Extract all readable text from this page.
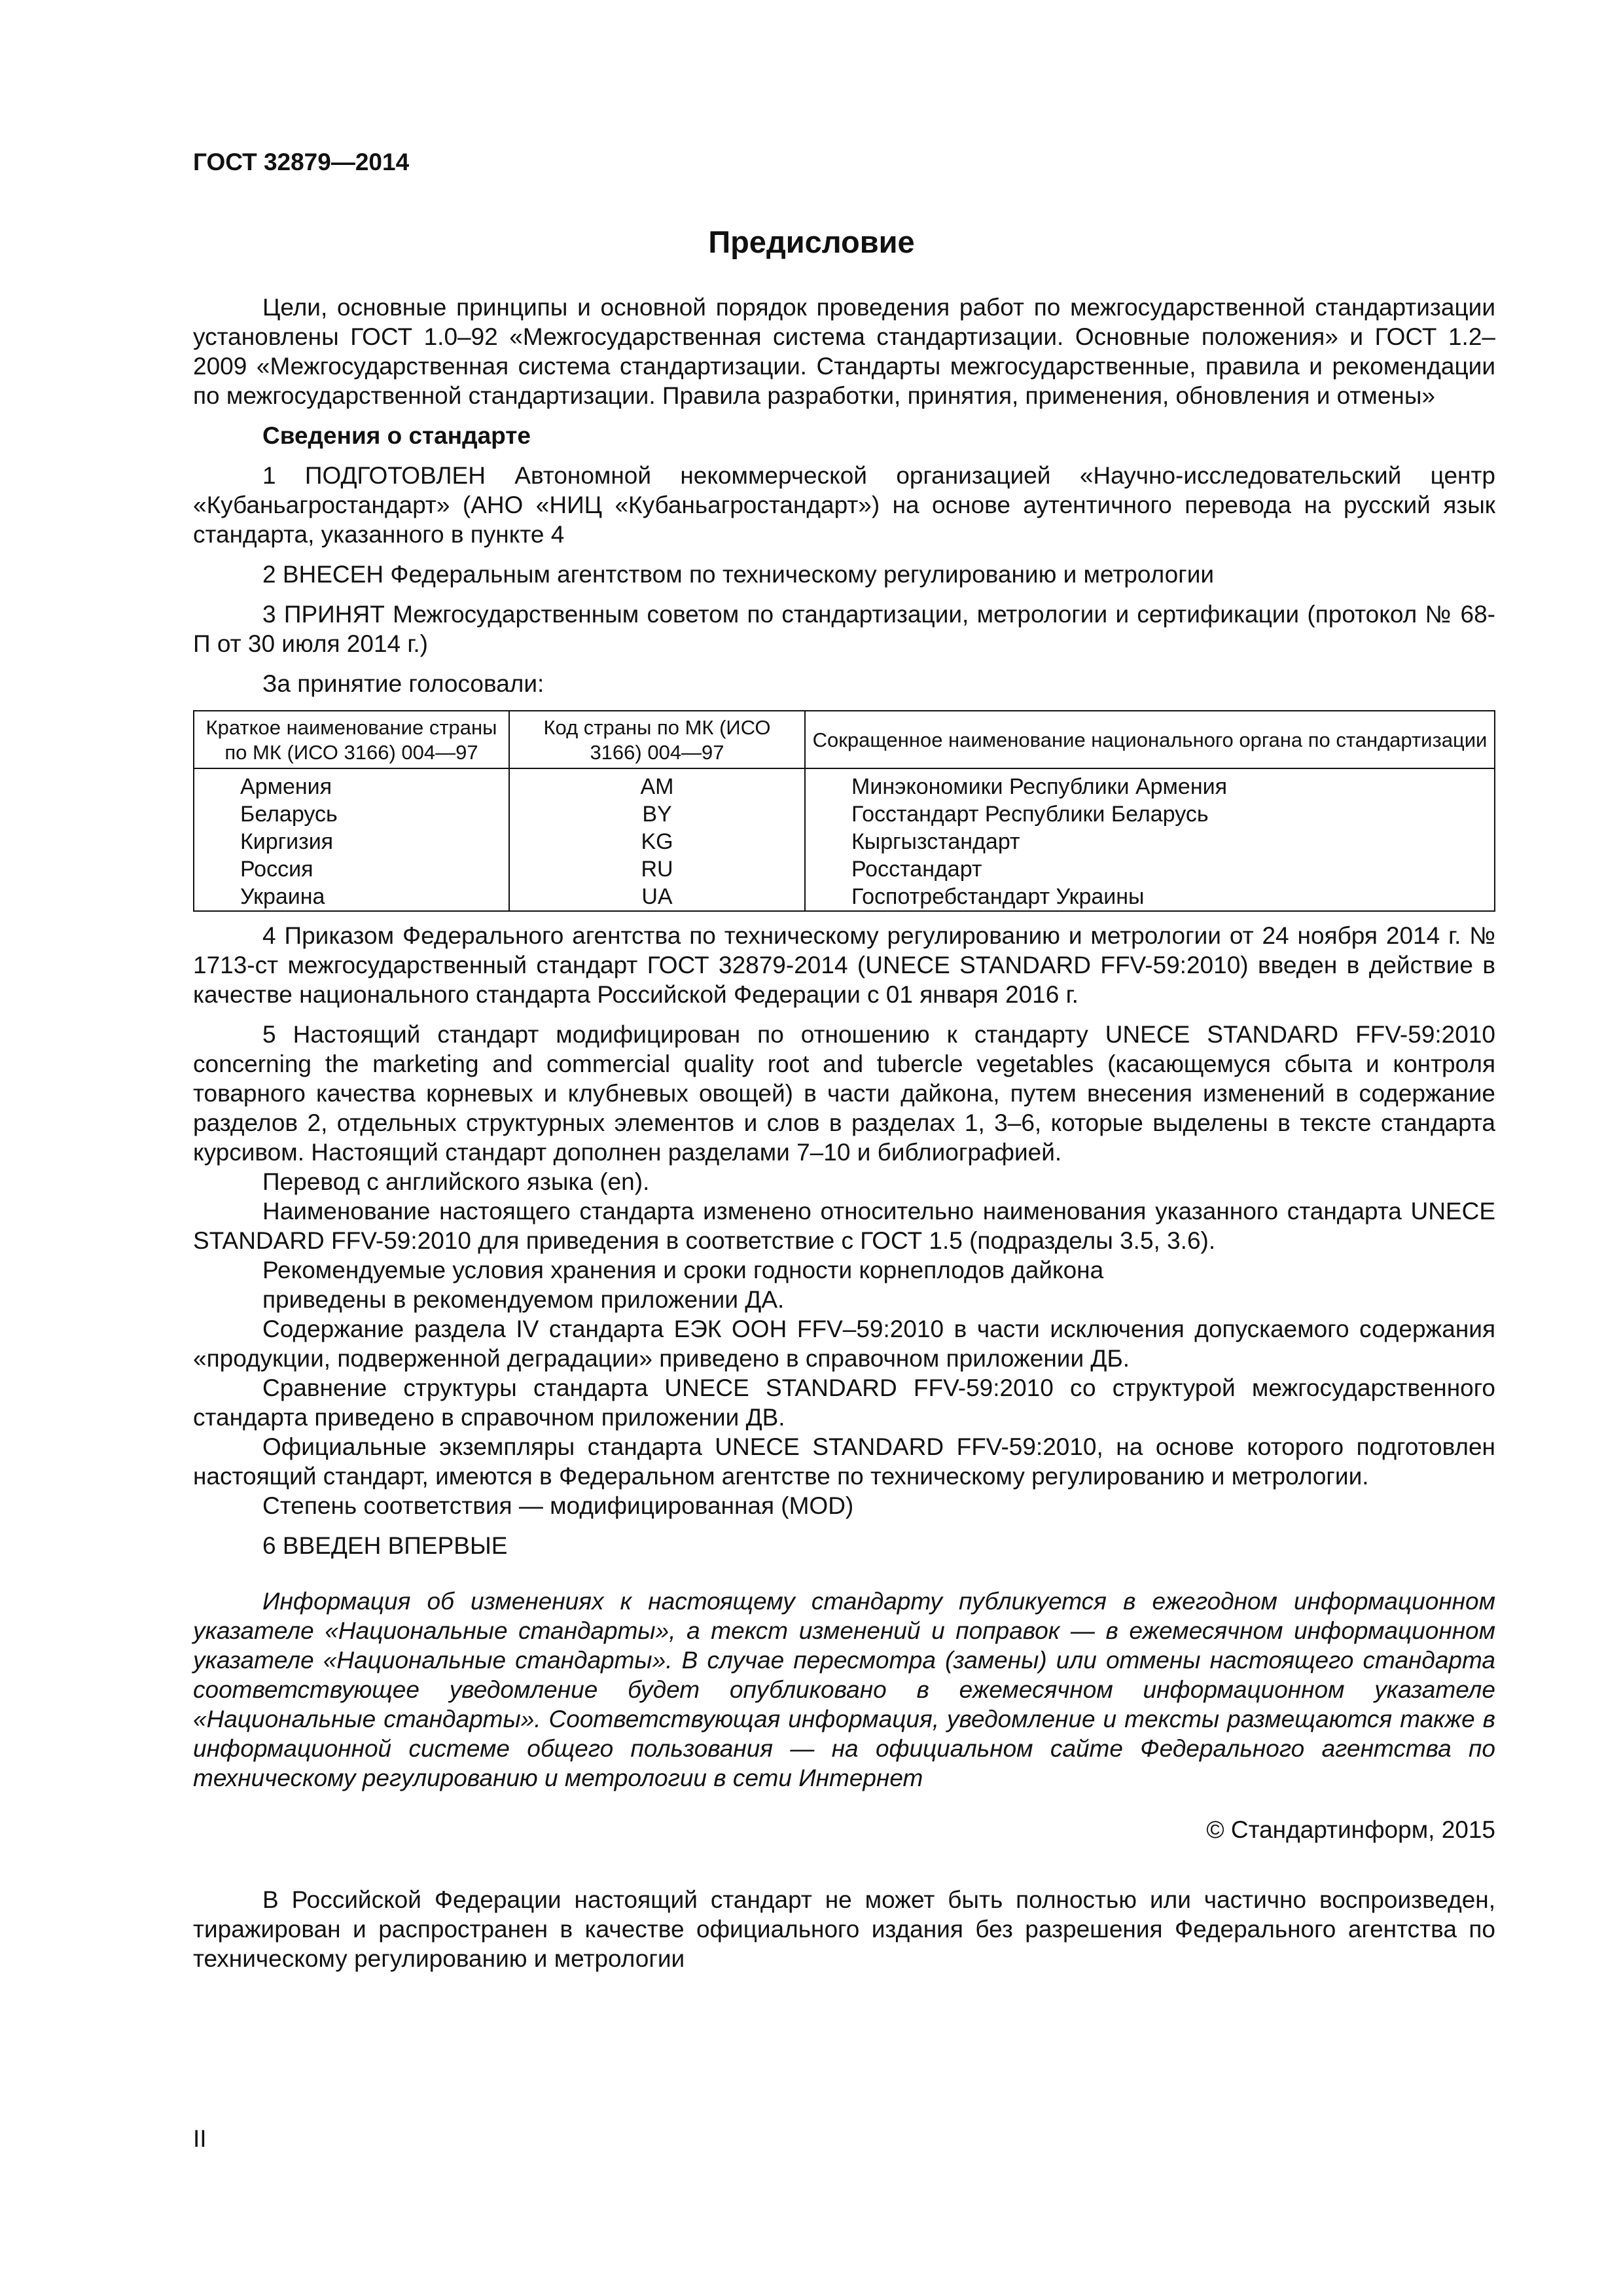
ГОСТ 32879—2014
Предисловие

Цели, основные принципы и основной порядок проведения работ по межгосударственной стандартизации установлены ГОСТ 1.0–92 «Межгосударственная система стандартизации. Основные положения» и ГОСТ 1.2–2009 «Межгосударственная система стандартизации. Стандарты межгосударственные, правила и рекомендации по межгосударственной стандартизации. Правила разработки, принятия, применения, обновления и отмены»

Сведения о стандарте

1 ПОДГОТОВЛЕН Автономной некоммерческой организацией «Научно-исследовательский центр «Кубаньагростандарт» (АНО «НИЦ «Кубаньагростандарт») на основе аутентичного перевода на русский язык стандарта, указанного в пункте 4

2 ВНЕСЕН Федеральным агентством по техническому регулированию и метрологии

3 ПРИНЯТ Межгосударственным советом по стандартизации, метрологии и сертификации (протокол № 68-П от 30 июля 2014 г.)

За принятие голосовали:

Краткое наименование страны по МК (ИСО 3166) 004—97	Код страны по МК (ИСО 3166) 004—97	Сокращенное наименование национального органа по стандартизации
Армения	AM	Минэкономики Республики Армения
Беларусь	BY	Госстандарт Республики Беларусь
Киргизия	KG	Кыргызстандарт
Россия	RU	Росстандарт
Украина	UA	Госпотребстандарт Украины

4 Приказом Федерального агентства по техническому регулированию и метрологии от 24 ноября 2014 г. № 1713-ст межгосударственный стандарт ГОСТ 32879-2014 (UNECE STANDARD FFV-59:2010) введен в действие в качестве национального стандарта Российской Федерации с 01 января 2016 г.

5 Настоящий стандарт модифицирован по отношению к стандарту UNECE STANDARD FFV-59:2010 concerning the marketing and commercial quality root and tubercle vegetables (касающемуся сбыта и контроля товарного качества корневых и клубневых овощей) в части дайкона, путем внесения изменений в содержание разделов 2, отдельных структурных элементов и слов в разделах 1, 3–6, которые выделены в тексте стандарта курсивом. Настоящий стандарт дополнен разделами 7–10 и библиографией.

Перевод с английского языка (en).

Наименование настоящего стандарта изменено относительно наименования указанного стандарта UNECE STANDARD FFV-59:2010 для приведения в соответствие с ГОСТ 1.5 (подразделы 3.5, 3.6).

Рекомендуемые условия хранения и сроки годности корнеплодов дайкона

приведены в рекомендуемом приложении ДА.

Содержание раздела IV стандарта ЕЭК ООН FFV–59:2010 в части исключения допускаемого содержания «продукции, подверженной деградации» приведено в справочном приложении ДБ.

Сравнение структуры стандарта UNECE STANDARD FFV-59:2010 со структурой межгосударственного стандарта приведено в справочном приложении ДВ.

Официальные экземпляры стандарта UNECE STANDARD FFV-59:2010, на основе которого подготовлен настоящий стандарт, имеются в Федеральном агентстве по техническому регулированию и метрологии.

Степень соответствия — модифицированная (MOD)

6 ВВЕДЕН ВПЕРВЫЕ

Информация об изменениях к настоящему стандарту публикуется в ежегодном информационном указателе «Национальные стандарты», а текст изменений и поправок — в ежемесячном информационном указателе «Национальные стандарты». В случае пересмотра (замены) или отмены настоящего стандарта соответствующее уведомление будет опубликовано в ежемесячном информационном указателе «Национальные стандарты». Соответствующая информация, уведомление и тексты размещаются также в информационной системе общего пользования — на официальном сайте Федерального агентства по техническому регулированию и метрологии в сети Интернет

© Стандартинформ, 2015

В Российской Федерации настоящий стандарт не может быть полностью или частично воспроизведен, тиражирован и распространен в качестве официального издания без разрешения Федерального агентства по техническому регулированию и метрологии

II
